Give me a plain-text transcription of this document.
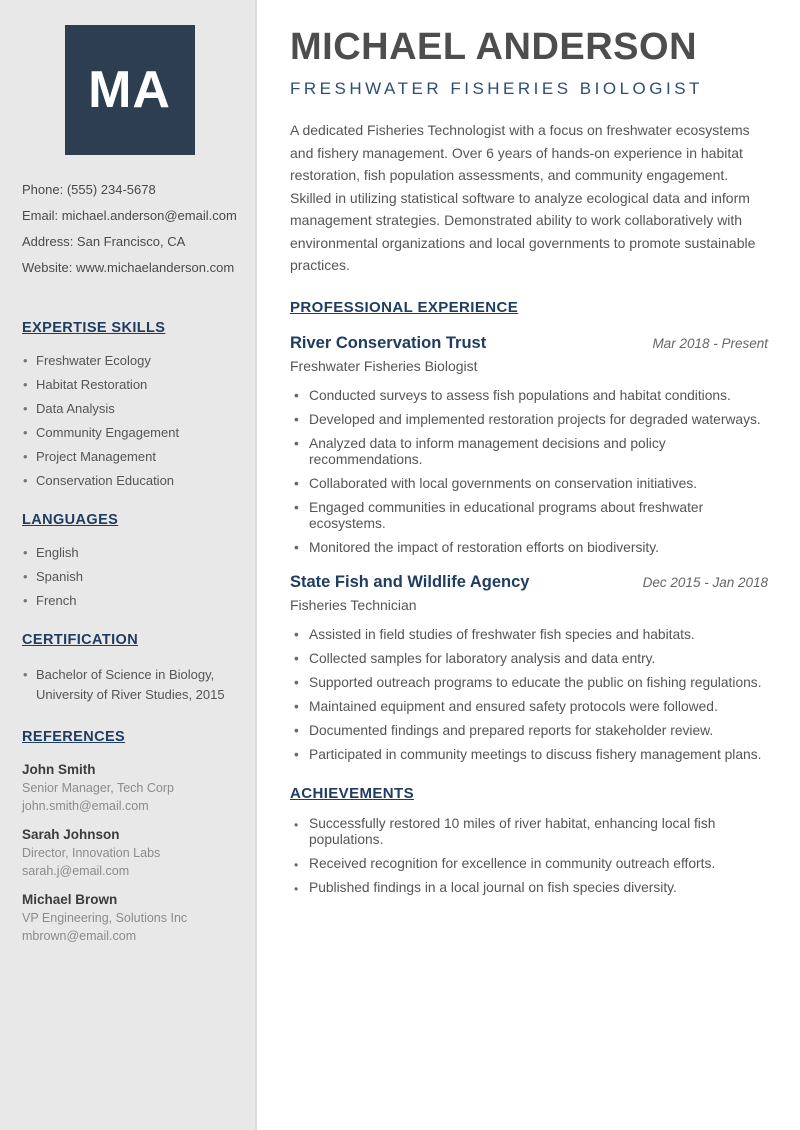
MA

Phone: (555) 234-5678

Email: michael.anderson@email.com

Address: San Francisco, CA

Website: www.michaelanderson.com

EXPERTISE SKILLS
• Freshwater Ecology
• Habitat Restoration
• Data Analysis
• Community Engagement
• Project Management
• Conservation Education
LANGUAGES
• English
• Spanish
• French
CERTIFICATION
• Bachelor of Science in Biology, University of River Studies, 2015
REFERENCES

John Smith

Senior Manager, Tech Corp

john.smith@email.com

Sarah Johnson

Director, Innovation Labs

sarah.j@email.com

Michael Brown

VP Engineering, Solutions Inc

mbrown@email.com

MICHAEL ANDERSON
FRESHWATER FISHERIES BIOLOGIST

A dedicated Fisheries Technologist with a focus on freshwater ecosystems and fishery management. Over 6 years of hands-on experience in habitat restoration, fish population assessments, and community engagement. Skilled in utilizing statistical software to analyze ecological data and inform management strategies. Demonstrated ability to work collaboratively with environmental organizations and local governments to promote sustainable practices.

PROFESSIONAL EXPERIENCE
River Conservation Trust	Mar 2018 - Present

Freshwater Fisheries Biologist

• Conducted surveys to assess fish populations and habitat conditions.
• Developed and implemented restoration projects for degraded waterways.
• Analyzed data to inform management decisions and policy recommendations.
• Collaborated with local governments on conservation initiatives.
• Engaged communities in educational programs about freshwater ecosystems.
• Monitored the impact of restoration efforts on biodiversity.
State Fish and Wildlife Agency	Dec 2015 - Jan 2018

Fisheries Technician

• Assisted in field studies of freshwater fish species and habitats.
• Collected samples for laboratory analysis and data entry.
• Supported outreach programs to educate the public on fishing regulations.
• Maintained equipment and ensured safety protocols were followed.
• Documented findings and prepared reports for stakeholder review.
• Participated in community meetings to discuss fishery management plans.
ACHIEVEMENTS
• Successfully restored 10 miles of river habitat, enhancing local fish populations.
• Received recognition for excellence in community outreach efforts.
• Published findings in a local journal on fish species diversity.
